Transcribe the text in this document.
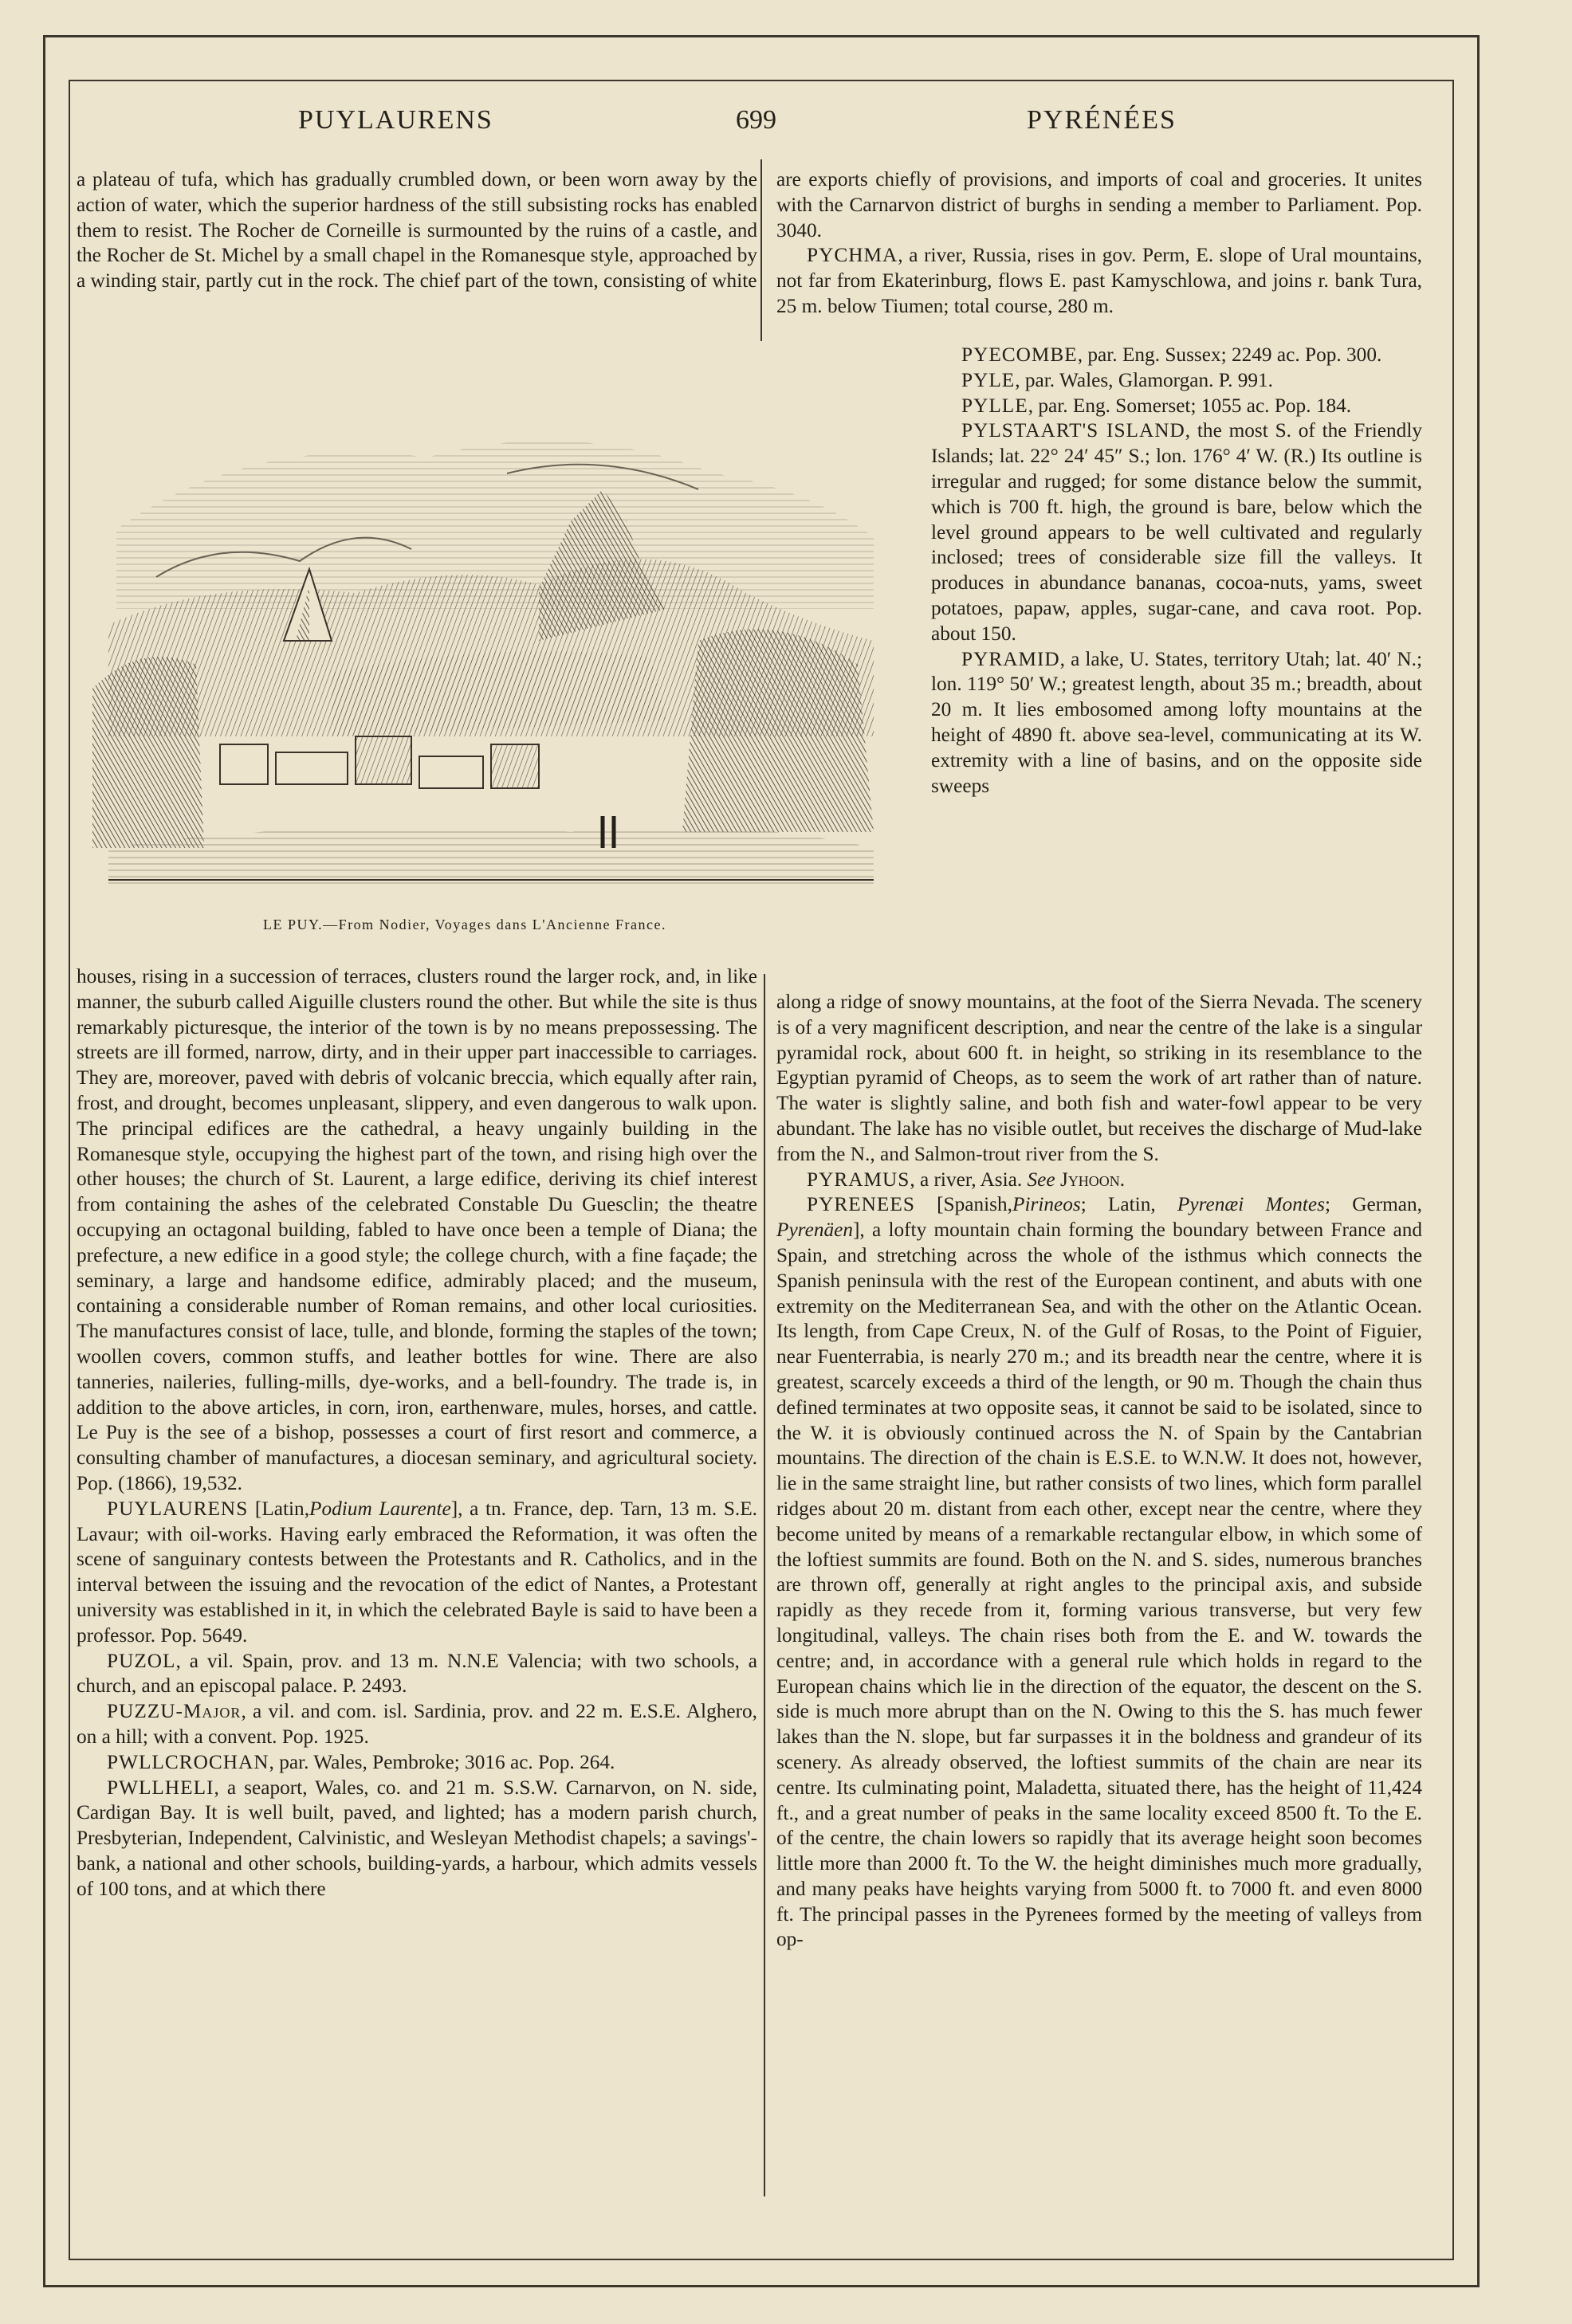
PUYLAURENS	699	PYRÉNÉES

a plateau of tufa, which has gradually crumbled down, or been worn away by the action of water, which the superior hardness of the still subsisting rocks has enabled them to resist. The Rocher de Corneille is surmounted by the ruins of a castle, and the Rocher de St. Michel by a small chapel in the Romanesque style, approached by a winding stair, partly cut in the rock. The chief part of the town, consisting of white

LE PUY.—From Nodier, Voyages dans L'Ancienne France.

houses, rising in a succession of terraces, clusters round the larger rock, and, in like manner, the suburb called Aiguille clusters round the other. But while the site is thus remarkably picturesque, the interior of the town is by no means prepossessing. The streets are ill formed, narrow, dirty, and in their upper part inaccessible to carriages. They are, moreover, paved with debris of volcanic breccia, which equally after rain, frost, and drought, becomes unpleasant, slippery, and even dangerous to walk upon. The principal edifices are the cathedral, a heavy ungainly building in the Romanesque style, occupying the highest part of the town, and rising high over the other houses; the church of St. Laurent, a large edifice, deriving its chief interest from containing the ashes of the celebrated Constable Du Guesclin; the theatre occupying an octagonal building, fabled to have once been a temple of Diana; the prefecture, a new edifice in a good style; the college church, with a fine façade; the seminary, a large and handsome edifice, admirably placed; and the museum, containing a considerable number of Roman remains, and other local curiosities. The manufactures consist of lace, tulle, and blonde, forming the staples of the town; woollen covers, common stuffs, and leather bottles for wine. There are also tanneries, naileries, fulling-mills, dye-works, and a bell-foundry. The trade is, in addition to the above articles, in corn, iron, earthenware, mules, horses, and cattle. Le Puy is the see of a bishop, possesses a court of first resort and commerce, a consulting chamber of manufactures, a diocesan seminary, and agricultural society. Pop. (1866), 19,532.

PUYLAURENS [Latin,Podium Laurente], a tn. France, dep. Tarn, 13 m. S.E. Lavaur; with oil-works. Having early embraced the Reformation, it was often the scene of sanguinary contests between the Protestants and R. Catholics, and in the interval between the issuing and the revocation of the edict of Nantes, a Protestant university was established in it, in which the celebrated Bayle is said to have been a professor. Pop. 5649.

PUZOL, a vil. Spain, prov. and 13 m. N.N.E Valencia; with two schools, a church, and an episcopal palace. P. 2493.

PUZZU-Major, a vil. and com. isl. Sardinia, prov. and 22 m. E.S.E. Alghero, on a hill; with a convent. Pop. 1925.

PWLLCROCHAN, par. Wales, Pembroke; 3016 ac. Pop. 264.

PWLLHELI, a seaport, Wales, co. and 21 m. S.S.W. Carnarvon, on N. side, Cardigan Bay. It is well built, paved, and lighted; has a modern parish church, Presbyterian, Independent, Calvinistic, and Wesleyan Methodist chapels; a savings'-bank, a national and other schools, building-yards, a harbour, which admits vessels of 100 tons, and at which there

are exports chiefly of provisions, and imports of coal and groceries. It unites with the Carnarvon district of burghs in sending a member to Parliament. Pop. 3040.

PYCHMA, a river, Russia, rises in gov. Perm, E. slope of Ural mountains, not far from Ekaterinburg, flows E. past Kamyschlowa, and joins r. bank Tura, 25 m. below Tiumen; total course, 280 m.

PYECOMBE, par. Eng. Sussex; 2249 ac. Pop. 300.

PYLE, par. Wales, Glamorgan. P. 991.

PYLLE, par. Eng. Somerset; 1055 ac. Pop. 184.

PYLSTAART'S ISLAND, the most S. of the Friendly Islands; lat. 22° 24′ 45″ S.; lon. 176° 4′ W. (R.) Its outline is irregular and rugged; for some distance below the summit, which is 700 ft. high, the ground is bare, below which the level ground appears to be well cultivated and regularly inclosed; trees of considerable size fill the valleys. It produces in abundance bananas, cocoa-nuts, yams, sweet potatoes, papaw, apples, sugar-cane, and cava root. Pop. about 150.

PYRAMID, a lake, U. States, territory Utah; lat. 40′ N.; lon. 119° 50′ W.; greatest length, about 35 m.; breadth, about 20 m. It lies embosomed among lofty mountains at the height of 4890 ft. above sea-level, communicating at its W. extremity with a line of basins, and on the opposite side sweeps

along a ridge of snowy mountains, at the foot of the Sierra Nevada. The scenery is of a very magnificent description, and near the centre of the lake is a singular pyramidal rock, about 600 ft. in height, so striking in its resemblance to the Egyptian pyramid of Cheops, as to seem the work of art rather than of nature. The water is slightly saline, and both fish and water-fowl appear to be very abundant. The lake has no visible outlet, but receives the discharge of Mud-lake from the N., and Salmon-trout river from the S.

PYRAMUS, a river, Asia. See Jyhoon.

PYRENEES [Spanish,Pirineos; Latin, Pyrenæi Montes; German, Pyrenäen], a lofty mountain chain forming the boundary between France and Spain, and stretching across the whole of the isthmus which connects the Spanish peninsula with the rest of the European continent, and abuts with one extremity on the Mediterranean Sea, and with the other on the Atlantic Ocean. Its length, from Cape Creux, N. of the Gulf of Rosas, to the Point of Figuier, near Fuenterrabia, is nearly 270 m.; and its breadth near the centre, where it is greatest, scarcely exceeds a third of the length, or 90 m. Though the chain thus defined terminates at two opposite seas, it cannot be said to be isolated, since to the W. it is obviously continued across the N. of Spain by the Cantabrian mountains. The direction of the chain is E.S.E. to W.N.W. It does not, however, lie in the same straight line, but rather consists of two lines, which form parallel ridges about 20 m. distant from each other, except near the centre, where they become united by means of a remarkable rectangular elbow, in which some of the loftiest summits are found. Both on the N. and S. sides, numerous branches are thrown off, generally at right angles to the principal axis, and subside rapidly as they recede from it, forming various transverse, but very few longitudinal, valleys. The chain rises both from the E. and W. towards the centre; and, in accordance with a general rule which holds in regard to the European chains which lie in the direction of the equator, the descent on the S. side is much more abrupt than on the N. Owing to this the S. has much fewer lakes than the N. slope, but far surpasses it in the boldness and grandeur of its scenery. As already observed, the loftiest summits of the chain are near its centre. Its culminating point, Maladetta, situated there, has the height of 11,424 ft., and a great number of peaks in the same locality exceed 8500 ft. To the E. of the centre, the chain lowers so rapidly that its average height soon becomes little more than 2000 ft. To the W. the height diminishes much more gradually, and many peaks have heights varying from 5000 ft. to 7000 ft. and even 8000 ft. The principal passes in the Pyrenees formed by the meeting of valleys from op-
